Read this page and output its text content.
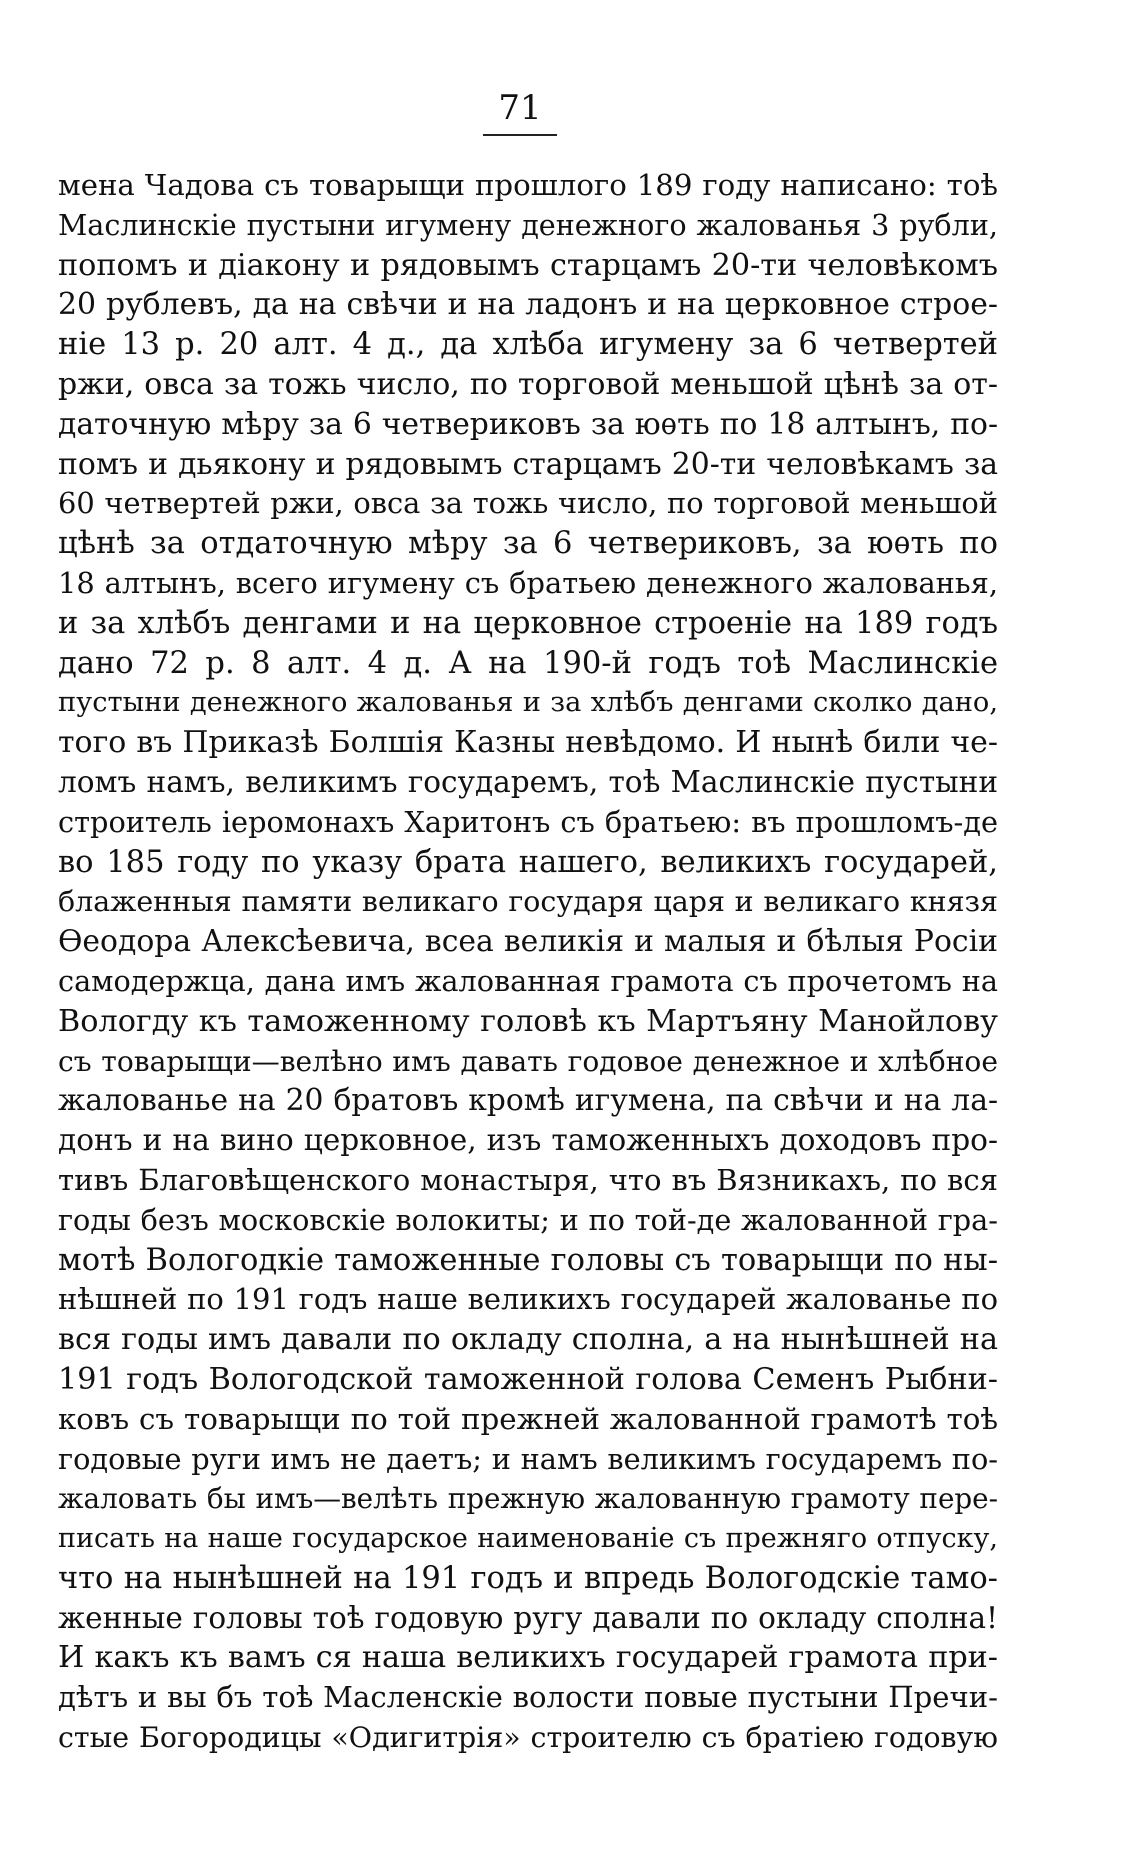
71
мена Чадова съ товарыщи прошлого 189 году написано: тоѣ
Маслинскіе пустыни игумену денежного жалованья 3 рубли,
попомъ и діакону и рядовымъ старцамъ 20-ти человѣкомъ
20 рублевъ, да на свѣчи и на ладонъ и на церковное строе-
ніе 13 р. 20 алт. 4 д., да хлѣба игумену за 6 четвертей
ржи, овса за тожь число, по торговой меньшой цѣнѣ за от-
даточную мѣру за 6 четвериковъ за юѳть по 18 алтынъ, по-
помъ и дьякону и рядовымъ старцамъ 20-ти человѣкамъ за
60 четвертей ржи, овса за тожь число, по торговой меньшой
цѣнѣ за отдаточную мѣру за 6 четвериковъ, за юѳть по
18 алтынъ, всего игумену съ братьею денежного жалованья,
и за хлѣбъ денгами и на церковное строеніе на 189 годъ
дано 72 р. 8 алт. 4 д. А на 190-й годъ тоѣ Маслинскіе
пустыни денежного жалованья и за хлѣбъ денгами сколко дано,
того въ Приказѣ Болшія Казны невѣдомо. И нынѣ били че-
ломъ намъ, великимъ государемъ, тоѣ Маслинскіе пустыни
строитель іеромонахъ Харитонъ съ братьею: въ прошломъ-де
во 185 году по указу брата нашего, великихъ государей,
блаженныя памяти великаго государя царя и великаго князя
Ѳеодора Алексѣевича, всеа великія и малыя и бѣлыя Росіи
самодержца, дана имъ жалованная грамота съ прочетомъ на
Вологду къ таможенному головѣ къ Мартъяну Манойлову
съ товарыщи—велѣно имъ давать годовое денежное и хлѣбное
жалованье на 20 братовъ кромѣ игумена, па свѣчи и на ла-
донъ и на вино церковное, изъ таможенныхъ доходовъ про-
тивъ Благовѣщенского монастыря, что въ Вязникахъ, по вся
годы безъ московскіе волокиты; и по той-де жалованной гра-
мотѣ Вологодкіе таможенные головы съ товарыщи по ны-
нѣшней по 191 годъ наше великихъ государей жалованье по
вся годы имъ давали по окладу сполна, а на нынѣшней на
191 годъ Вологодской таможенной голова Семенъ Рыбни-
ковъ съ товарыщи по той прежней жалованной грамотѣ тоѣ
годовые руги имъ не даетъ; и намъ великимъ государемъ по-
жаловать бы имъ—велѣть прежную жалованную грамоту пере-
писать на наше государское наименованіе съ прежняго отпуску,
что на нынѣшней на 191 годъ и впредь Вологодскіе тамо-
женные головы тоѣ годовую ругу давали по окладу сполна!
И какъ къ вамъ ся наша великихъ государей грамота при-
дѣтъ и вы бъ тоѣ Масленскіе волости повые пустыни Пречи-
стые Богородицы «Одигитрія» строителю съ братіею годовую
